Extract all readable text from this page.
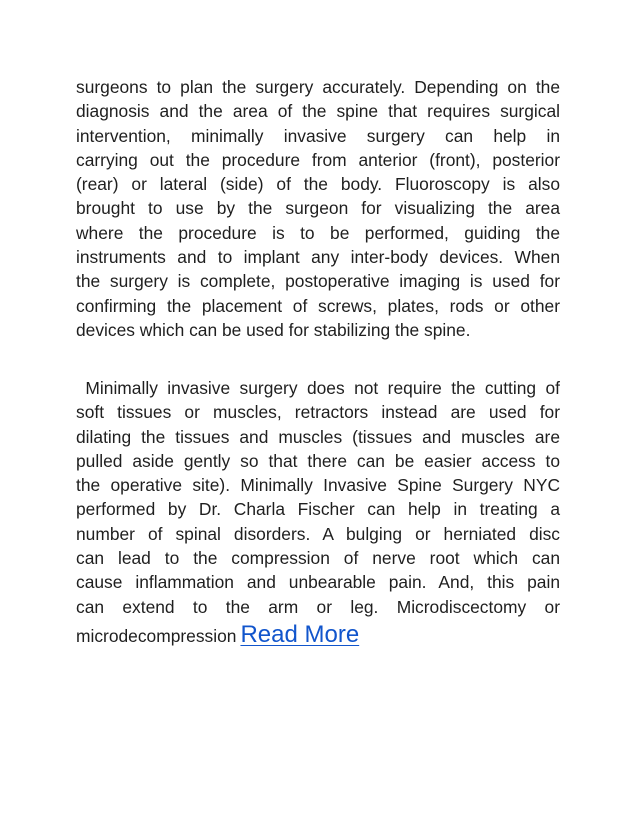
surgeons to plan the surgery accurately. Depending on the
diagnosis and the area of the spine that requires surgical
intervention, minimally invasive surgery can help in
carrying out the procedure from anterior (front), posterior
(rear) or lateral (side) of the body. Fluoroscopy is also
brought to use by the surgeon for visualizing the area
where the procedure is to be performed, guiding the
instruments and to implant any inter-body devices. When
the surgery is complete, postoperative imaging is used for
confirming the placement of screws, plates, rods or other
devices which can be used for stabilizing the spine.
Minimally invasive surgery does not require the cutting of
soft tissues or muscles, retractors instead are used for
dilating the tissues and muscles (tissues and muscles are
pulled aside gently so that there can be easier access to
the operative site). Minimally Invasive Spine Surgery NYC
performed by Dr. Charla Fischer can help in treating a
number of spinal disorders. A bulging or herniated disc
can lead to the compression of nerve root which can
cause inflammation and unbearable pain. And, this pain
can extend to the arm or leg. Microdiscectomy or
microdecompression Read More
